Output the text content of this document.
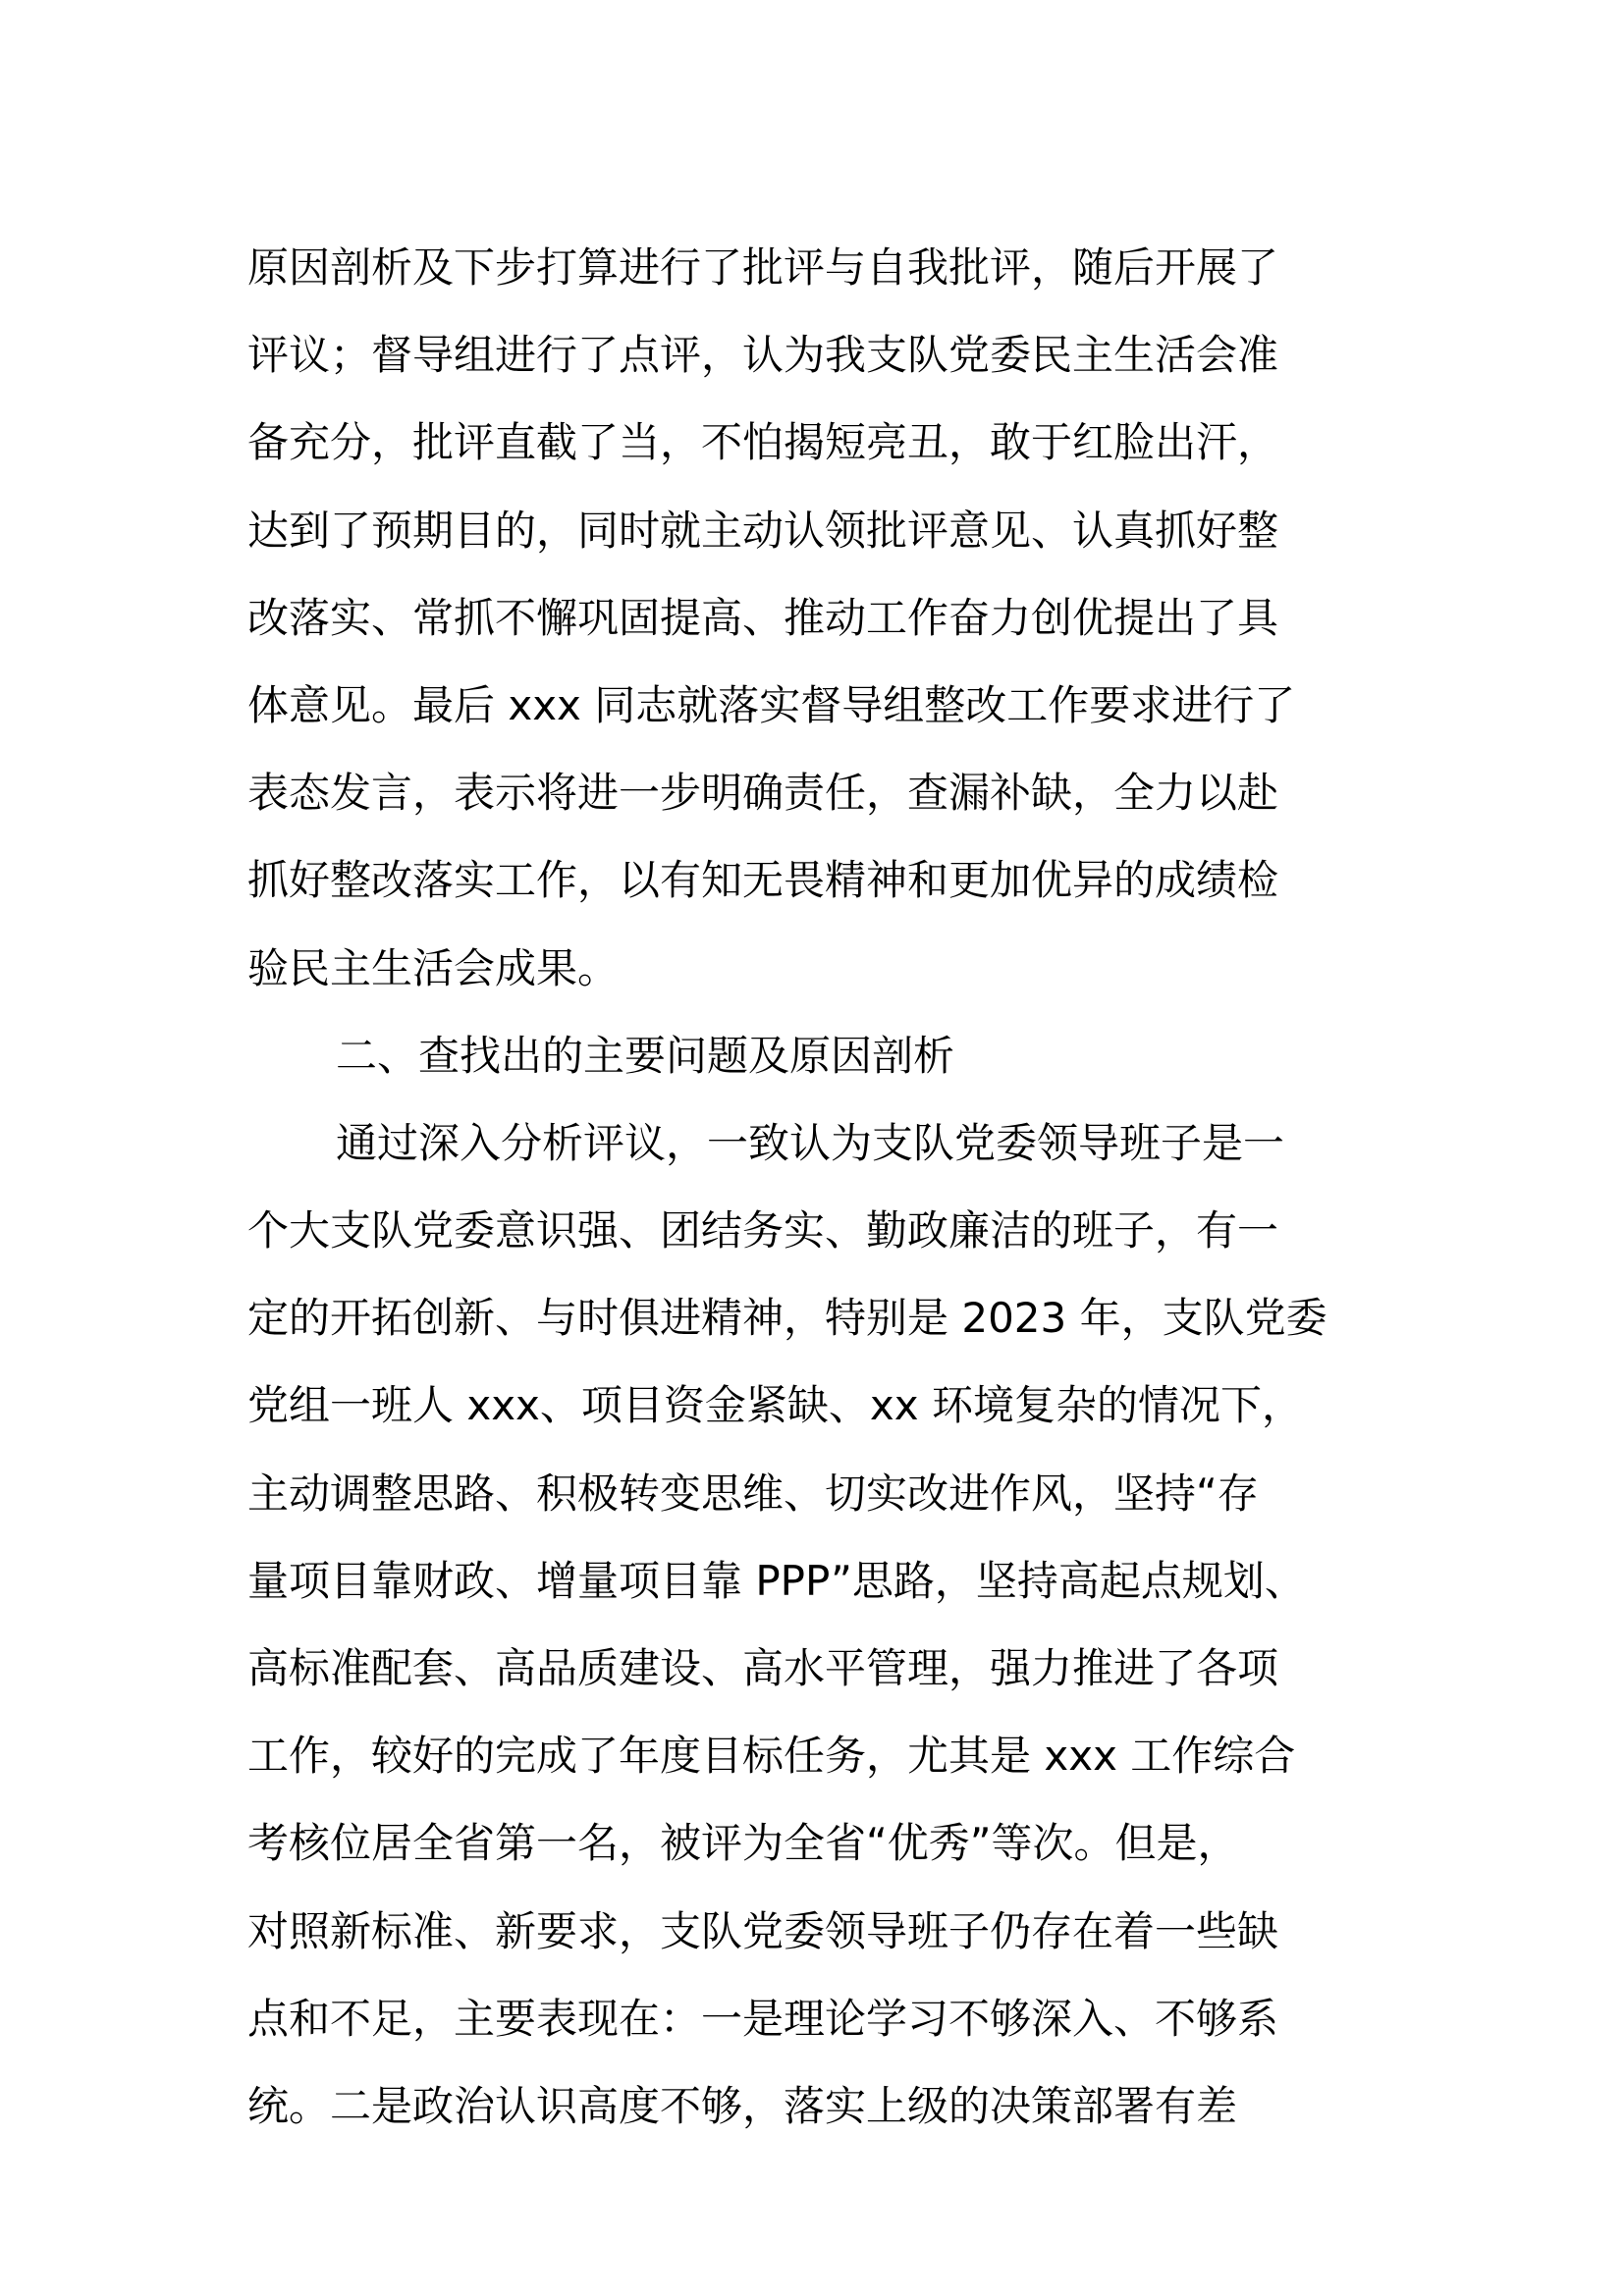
原因剖析及下步打算进行了批评与自我批评，随后开展了
评议；督导组进行了点评，认为我支队党委民主生活会准
备充分，批评直截了当，不怕揭短亮丑，敢于红脸出汗，
达到了预期目的，同时就主动认领批评意见、认真抓好整
改落实、常抓不懈巩固提高、推动工作奋力创优提出了具
体意见。最后 xxx 同志就落实督导组整改工作要求进行了
表态发言，表示将进一步明确责任，查漏补缺，全力以赴
抓好整改落实工作，以有知无畏精神和更加优异的成绩检
验民主生活会成果。
二、查找出的主要问题及原因剖析
通过深入分析评议，一致认为支队党委领导班子是一
个大支队党委意识强、团结务实、勤政廉洁的班子，有一
定的开拓创新、与时俱进精神，特别是 2023 年，支队党委
党组一班人 xxx、项目资金紧缺、xx 环境复杂的情况下，
主动调整思路、积极转变思维、切实改进作风，坚持“存
量项目靠财政、增量项目靠 PPP”思路，坚持高起点规划、
高标准配套、高品质建设、高水平管理，强力推进了各项
工作，较好的完成了年度目标任务，尤其是 xxx 工作综合
考核位居全省第一名，被评为全省“优秀”等次。但是，
对照新标准、新要求，支队党委领导班子仍存在着一些缺
点和不足，主要表现在：一是理论学习不够深入、不够系
统。二是政治认识高度不够，落实上级的决策部署有差
